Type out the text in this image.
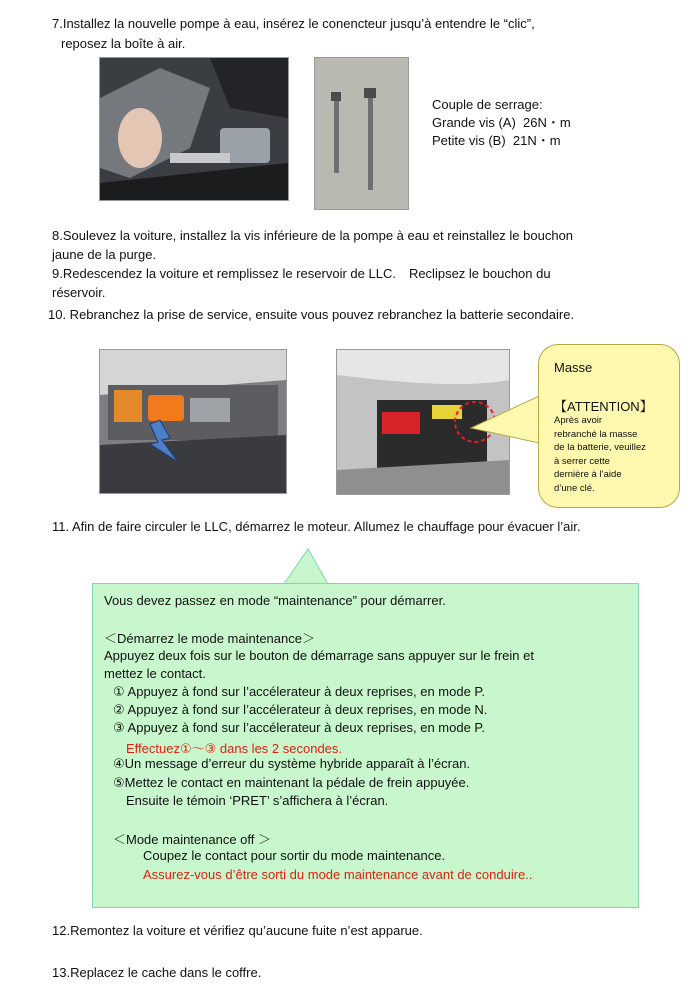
7.Installez la nouvelle pompe à eau, insérez le conencteur jusqu’à entendre le “clic”,
reposez la boîte à air.
Couple de serrage:
Grande vis (A)  26N・m
Petite vis (B)  21N・m
8.Soulevez la voiture, installez la vis inférieure de la pompe à eau et reinstallez le bouchon
jaune de la purge.
9.Redescendez la voiture et remplissez le reservoir de LLC.　Reclipsez le bouchon du
réservoir.
10. Rebranchez la prise de service, ensuite vous pouvez rebranchez la batterie secondaire.
Masse
【ATTENTION】
Après avoir
rebranché la masse
de la batterie, veuillez
à serrer cette
dernière à l’aide
d’une clé.
11. Afin de faire circuler le LLC, démarrez le moteur. Allumez le chauffage pour évacuer l’air.
Vous devez passez en mode “maintenance” pour démarrer.
＜Démarrez le mode maintenance＞
Appuyez deux fois sur le bouton de démarrage sans appuyer sur le frein et
mettez le contact.
① Appuyez à fond sur l’accélerateur à deux reprises, en mode P.
② Appuyez à fond sur l’accélerateur à deux reprises, en mode N.
③ Appuyez à fond sur l’accélerateur à deux reprises, en mode P.
Effectuez①～③ dans les 2 secondes.
④Un message d’erreur du système hybride apparaît à l’écran.
⑤Mettez le contact en maintenant la pédale de frein appuyée.
Ensuite le témoin ‘PRET’ s’affichera à l’écran.
＜Mode maintenance off ＞
Coupez le contact pour sortir du mode maintenance.
Assurez-vous d’être sorti du mode maintenance avant de conduire..
12.Remontez la voiture et vérifiez qu’aucune fuite n’est apparue.
13.Replacez le cache dans le coffre.
